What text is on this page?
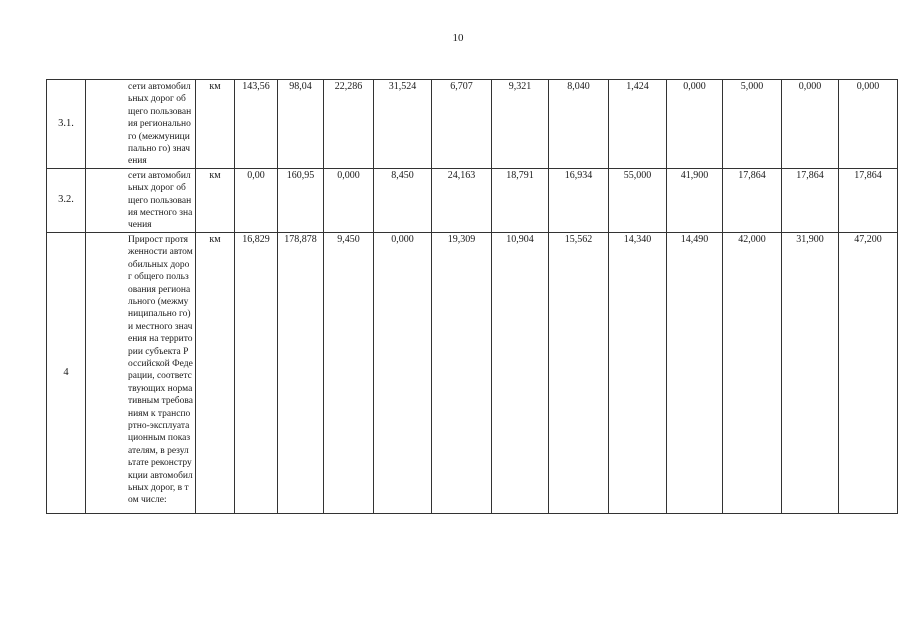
10
3.1.	сети автомобильных дорог общего пользования регионального (межмуниципально го) значения	км	143,56	98,04	22,286	31,524	6,707	9,321	8,040	1,424	0,000	5,000	0,000	0,000
3.2.	сети автомобильных дорог общего пользования местного значения	км	0,00	160,95	0,000	8,450	24,163	18,791	16,934	55,000	41,900	17,864	17,864	17,864
4	Прирост протяженности автомобильных дорог общего пользования регионального (межмуниципально го) и местного значения на территории субъекта Российской Федерации, соответствующих нормативным требованиям к транспортно-эксплуатационным показателям, в результате реконструкции автомобильных дорог, в том числе:	км	16,829	178,878	9,450	0,000	19,309	10,904	15,562	14,340	14,490	42,000	31,900	47,200
